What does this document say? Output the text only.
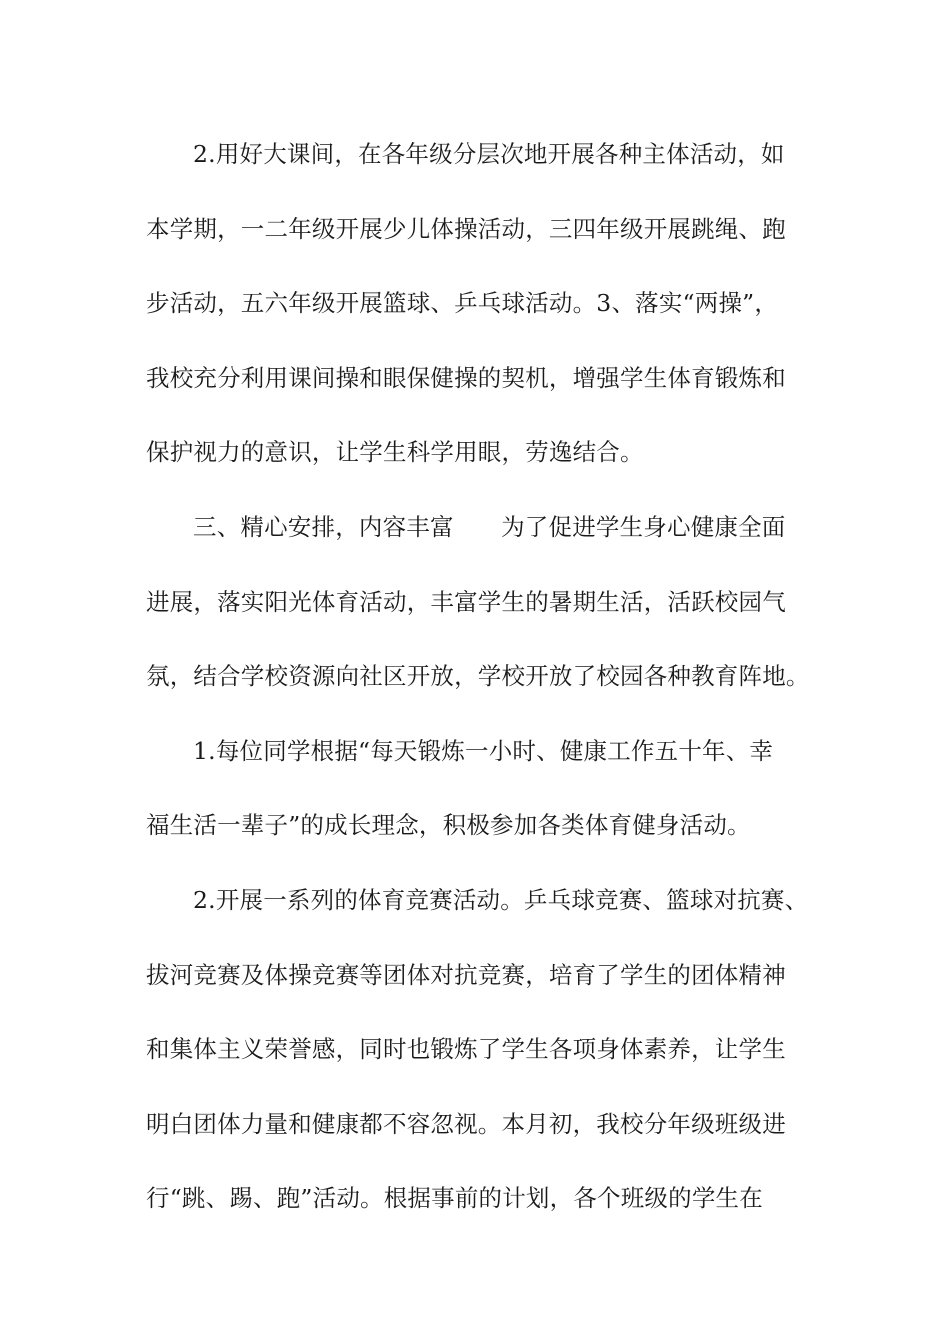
2.用好大课间，在各年级分层次地开展各种主体活动，如
本学期，一二年级开展少儿体操活动，三四年级开展跳绳、跑
步活动，五六年级开展篮球、乒乓球活动。3、落实“两操”，
我校充分利用课间操和眼保健操的契机，增强学生体育锻炼和
保护视力的意识，让学生科学用眼，劳逸结合。
三、精心安排，内容丰富　　为了促进学生身心健康全面
进展，落实阳光体育活动，丰富学生的暑期生活，活跃校园气
氛，结合学校资源向社区开放，学校开放了校园各种教育阵地。
1.每位同学根据“每天锻炼一小时、健康工作五十年、幸
福生活一辈子”的成长理念，积极参加各类体育健身活动。
2.开展一系列的体育竞赛活动。乒乓球竞赛、篮球对抗赛、
拔河竞赛及体操竞赛等团体对抗竞赛，培育了学生的团体精神
和集体主义荣誉感，同时也锻炼了学生各项身体素养，让学生
明白团体力量和健康都不容忽视。本月初，我校分年级班级进
行“跳、踢、跑”活动。根据事前的计划，各个班级的学生在
